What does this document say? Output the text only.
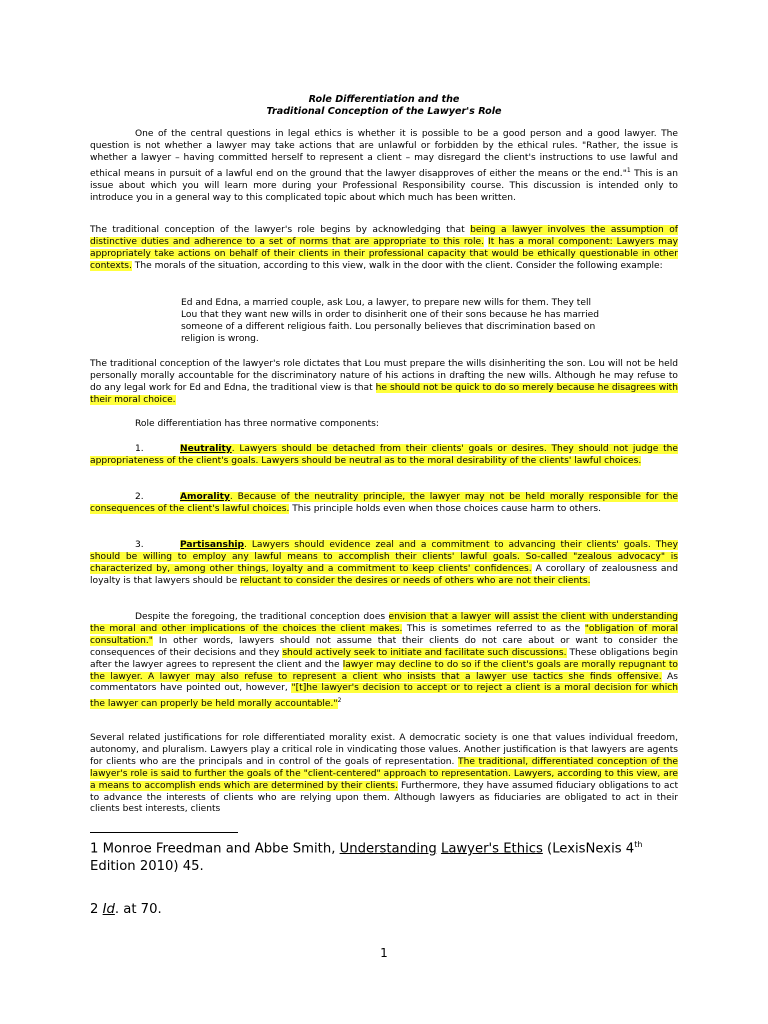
Role Differentiation and the
Traditional Conception of the Lawyer's Role

One of the central questions in legal ethics is whether it is possible to be a good person and a good lawyer. The question is not whether a lawyer may take actions that are unlawful or forbidden by the ethical rules. "Rather, the issue is whether a lawyer – having committed herself to represent a client – may disregard the client's instructions to use lawful and ethical means in pursuit of a lawful end on the ground that the lawyer disapproves of either the means or the end."$^1$ This is an issue about which you will learn more during your Professional Responsibility course. This discussion is intended only to introduce you in a general way to this complicated topic about which much has been written.

The traditional conception of the lawyer's role begins by acknowledging that being a lawyer involves the assumption of distinctive duties and adherence to a set of norms that are appropriate to this role. It has a moral component: Lawyers may appropriately take actions on behalf of their clients in their professional capacity that would be ethically questionable in other contexts. The morals of the situation, according to this view, walk in the door with the client. Consider the following example:

Ed and Edna, a married couple, ask Lou, a lawyer, to prepare new wills for them. They tell Lou that they want new wills in order to disinherit one of their sons because he has married someone of a different religious faith. Lou personally believes that discrimination based on religion is wrong.

The traditional conception of the lawyer's role dictates that Lou must prepare the wills disinheriting the son. Lou will not be held personally morally accountable for the discriminatory nature of his actions in drafting the new wills. Although he may refuse to do any legal work for Ed and Edna, the traditional view is that he should not be quick to do so merely because he disagrees with their moral choice.

Role differentiation has three normative components:

1.	Neutrality. Lawyers should be detached from their clients' goals or desires. They should not judge the appropriateness of the client's goals. Lawyers should be neutral as to the moral desirability of the clients' lawful choices.

2.	Amorality. Because of the neutrality principle, the lawyer may not be held morally responsible for the consequences of the client's lawful choices. This principle holds even when those choices cause harm to others.

3.	Partisanship. Lawyers should evidence zeal and a commitment to advancing their clients' goals. They should be willing to employ any lawful means to accomplish their clients' lawful goals. So-called "zealous advocacy" is characterized by, among other things, loyalty and a commitment to keep clients' confidences. A corollary of zealousness and loyalty is that lawyers should be reluctant to consider the desires or needs of others who are not their clients.

Despite the foregoing, the traditional conception does envision that a lawyer will assist the client with understanding the moral and other implications of the choices the client makes. This is sometimes referred to as the "obligation of moral consultation." In other words, lawyers should not assume that their clients do not care about or want to consider the consequences of their decisions and they should actively seek to initiate and facilitate such discussions. These obligations begin after the lawyer agrees to represent the client and the lawyer may decline to do so if the client's goals are morally repugnant to the lawyer. A lawyer may also refuse to represent a client who insists that a lawyer use tactics she finds offensive. As commentators have pointed out, however, "[t]he lawyer's decision to accept or to reject a client is a moral decision for which the lawyer can properly be held morally accountable."$^2$

Several related justifications for role differentiated morality exist. A democratic society is one that values individual freedom, autonomy, and pluralism. Lawyers play a critical role in vindicating those values. Another justification is that lawyers are agents for clients who are the principals and in control of the goals of representation. The traditional, differentiated conception of the lawyer's role is said to further the goals of the "client-centered" approach to representation. Lawyers, according to this view, are a means to accomplish ends which are determined by their clients. Furthermore, they have assumed fiduciary obligations to act to advance the interests of clients who are relying upon them. Although lawyers as fiduciaries are obligated to act in their clients best interests, clients

1 Monroe Freedman and Abbe Smith, Understanding Lawyer's Ethics (LexisNexis 4th
Edition 2010) 45.

2 Id. at 70.

1
